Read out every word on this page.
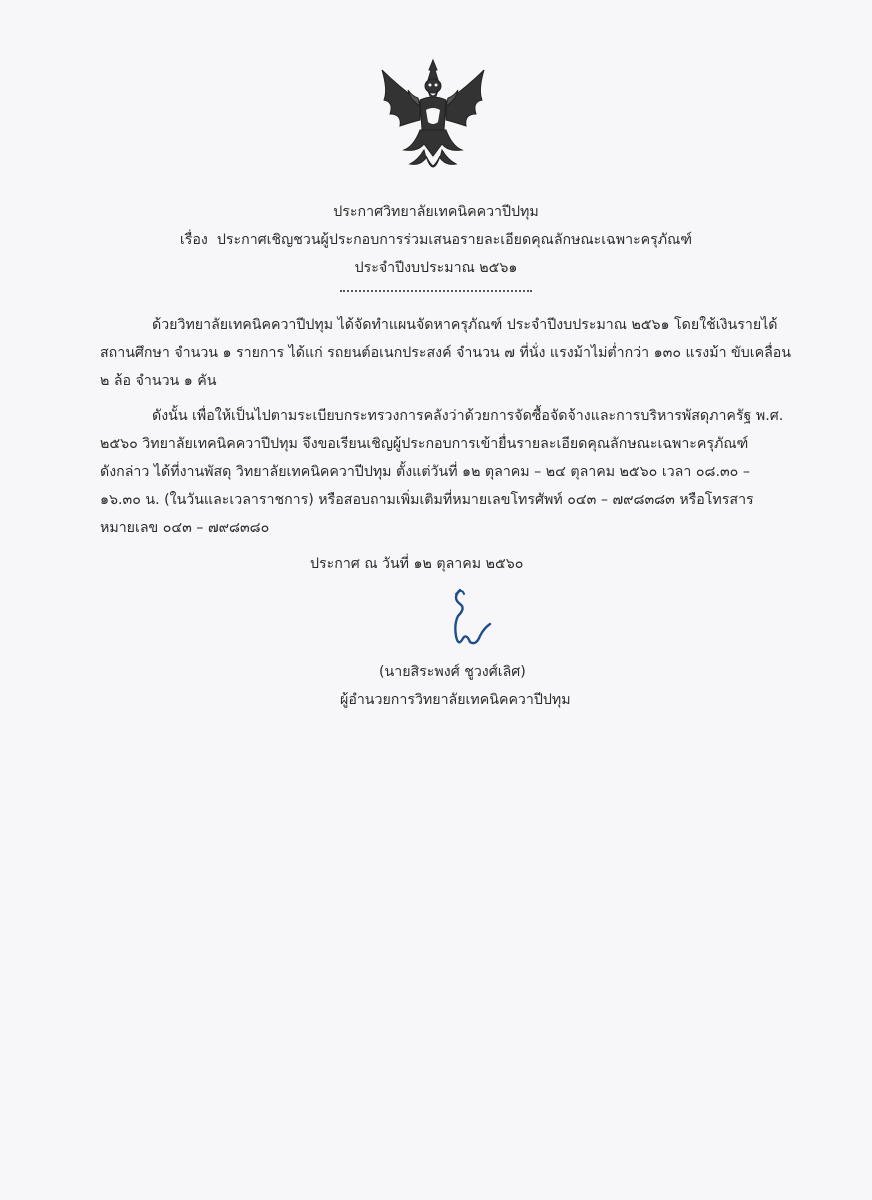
ประกาศวิทยาลัยเทคนิคควาปีปทุม
เรื่อง ประกาศเชิญชวนผู้ประกอบการร่วมเสนอรายละเอียดคุณลักษณะเฉพาะครุภัณฑ์
ประจำปีงบประมาณ ๒๕๖๑
ด้วยวิทยาลัยเทคนิคควาปีปทุม ได้จัดทำแผนจัดหาครุภัณฑ์ ประจำปีงบประมาณ ๒๕๖๑ โดยใช้เงินรายได้
สถานศึกษา จำนวน ๑ รายการ ได้แก่ รถยนต์อเนกประสงค์ จำนวน ๗ ที่นั่ง แรงม้าไม่ต่ำกว่า ๑๓๐ แรงม้า ขับเคลื่อน
๒ ล้อ จำนวน ๑ คัน
ดังนั้น เพื่อให้เป็นไปตามระเบียบกระทรวงการคลังว่าด้วยการจัดซื้อจัดจ้างและการบริหารพัสดุภาครัฐ พ.ศ.
๒๕๖๐ วิทยาลัยเทคนิคควาปีปทุม จึงขอเรียนเชิญผู้ประกอบการเข้ายื่นรายละเอียดคุณลักษณะเฉพาะครุภัณฑ์
ดังกล่าว ได้ที่งานพัสดุ วิทยาลัยเทคนิคควาปีปทุม ตั้งแต่วันที่ ๑๒ ตุลาคม – ๒๔ ตุลาคม ๒๕๖๐ เวลา ๐๘.๓๐ –
๑๖.๓๐ น. (ในวันและเวลาราชการ) หรือสอบถามเพิ่มเติมที่หมายเลขโทรศัพท์ ๐๔๓ – ๗๙๘๓๘๓ หรือโทรสาร
หมายเลข ๐๔๓ – ๗๙๘๓๘๐
ประกาศ ณ วันที่ ๑๒ ตุลาคม ๒๕๖๐
(นายสิระพงศ์ ชูวงศ์เลิศ)
ผู้อำนวยการวิทยาลัยเทคนิคควาปีปทุม
